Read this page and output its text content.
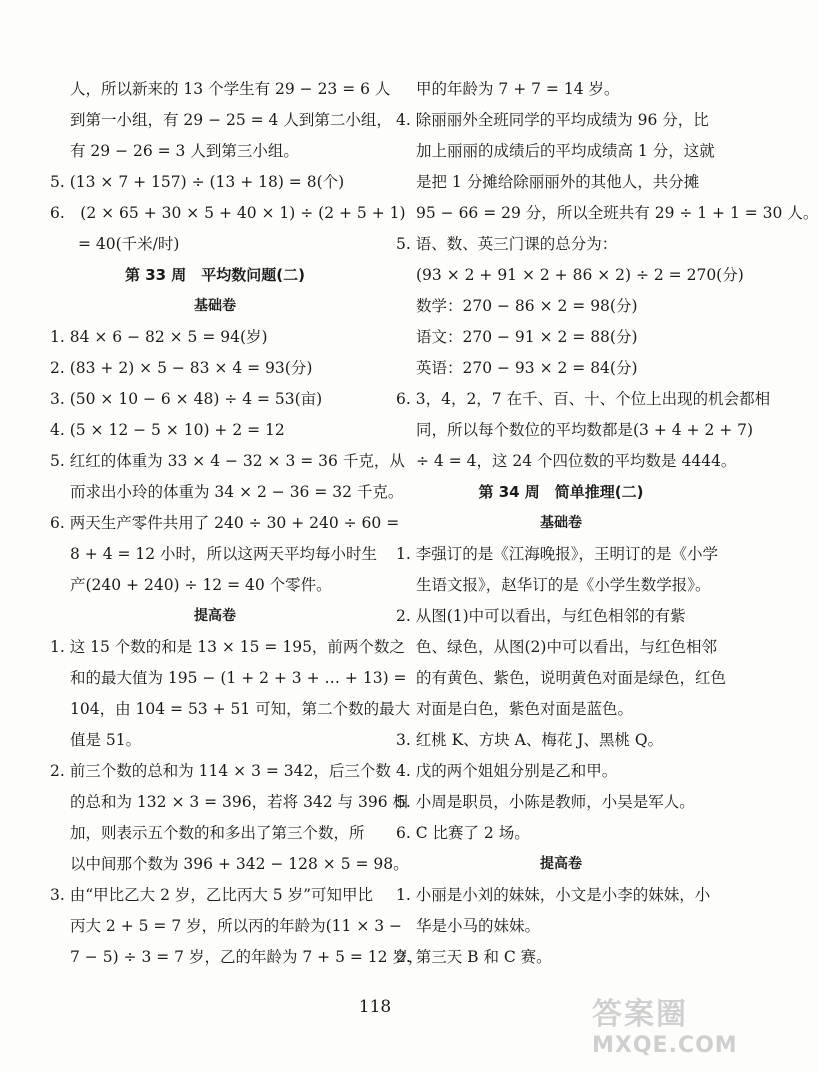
人，所以新来的 13 个学生有 29 − 23 = 6 人
到第一小组，有 29 − 25 = 4 人到第二小组，
有 29 − 26 = 3 人到第三小组。
5. (13 × 7 + 157) ÷ (13 + 18) = 8(个)
6.　(2 × 65 + 30 × 5 + 40 × 1) ÷ (2 + 5 + 1)
= 40(千米/时)
第 33 周　平均数问题(二)
基础卷
1. 84 × 6 − 82 × 5 = 94(岁)
2. (83 + 2) × 5 − 83 × 4 = 93(分)
3. (50 × 10 − 6 × 48) ÷ 4 = 53(亩)
4. (5 × 12 − 5 × 10) + 2 = 12
5. 红红的体重为 33 × 4 − 32 × 3 = 36 千克，从
而求出小玲的体重为 34 × 2 − 36 = 32 千克。
6. 两天生产零件共用了 240 ÷ 30 + 240 ÷ 60 =
8 + 4 = 12 小时，所以这两天平均每小时生
产(240 + 240) ÷ 12 = 40 个零件。
提高卷
1. 这 15 个数的和是 13 × 15 = 195，前两个数之
和的最大值为 195 − (1 + 2 + 3 + … + 13) =
104，由 104 = 53 + 51 可知，第二个数的最大
值是 51。
2. 前三个数的总和为 114 × 3 = 342，后三个数
的总和为 132 × 3 = 396，若将 342 与 396 相
加，则表示五个数的和多出了第三个数，所
以中间那个数为 396 + 342 − 128 × 5 = 98。
3. 由“甲比乙大 2 岁，乙比丙大 5 岁”可知甲比
丙大 2 + 5 = 7 岁，所以丙的年龄为(11 × 3 −
7 − 5) ÷ 3 = 7 岁，乙的年龄为 7 + 5 = 12 岁，
甲的年龄为 7 + 7 = 14 岁。
4. 除丽丽外全班同学的平均成绩为 96 分，比
加上丽丽的成绩后的平均成绩高 1 分，这就
是把 1 分摊给除丽丽外的其他人，共分摊
95 − 66 = 29 分，所以全班共有 29 ÷ 1 + 1 = 30 人。
5. 语、数、英三门课的总分为：
(93 × 2 + 91 × 2 + 86 × 2) ÷ 2 = 270(分)
数学：270 − 86 × 2 = 98(分)
语文：270 − 91 × 2 = 88(分)
英语：270 − 93 × 2 = 84(分)
6. 3，4，2，7 在千、百、十、个位上出现的机会都相
同，所以每个数位的平均数都是(3 + 4 + 2 + 7)
÷ 4 = 4，这 24 个四位数的平均数是 4444。
第 34 周　简单推理(二)
基础卷
1. 李强订的是《江海晚报》，王明订的是《小学
生语文报》，赵华订的是《小学生数学报》。
2. 从图(1)中可以看出，与红色相邻的有紫
色、绿色，从图(2)中可以看出，与红色相邻
的有黄色、紫色，说明黄色对面是绿色，红色
对面是白色，紫色对面是蓝色。
3. 红桃 K、方块 A、梅花 J、黑桃 Q。
4. 戊的两个姐姐分别是乙和甲。
5. 小周是职员，小陈是教师，小吴是军人。
6. C 比赛了 2 场。
提高卷
1. 小丽是小刘的妹妹，小文是小李的妹妹，小
华是小马的妹妹。
2. 第三天 B 和 C 赛。
118	答案圈
MXQE.COM
